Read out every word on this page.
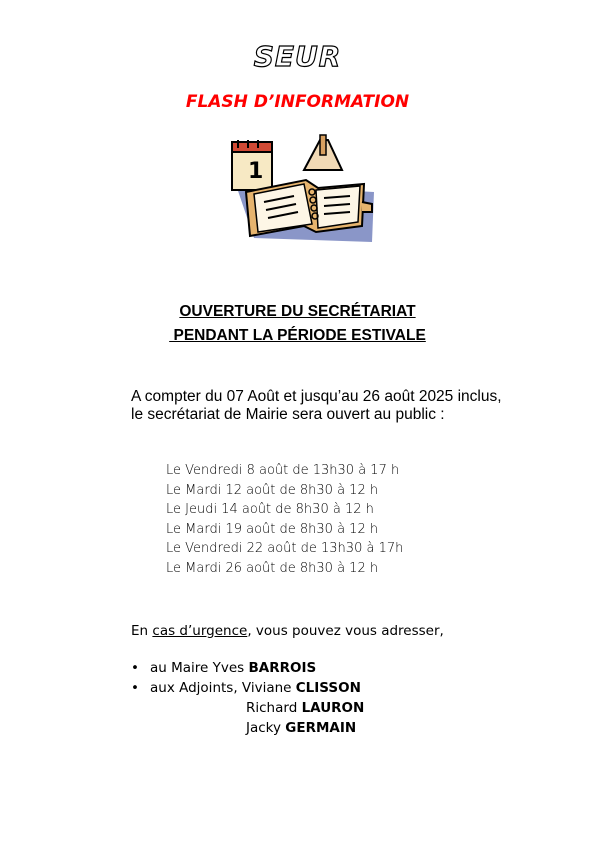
SEUR
FLASH D’INFORMATION
1
OUVERTURE DU SECRÉTARIAT
PENDANT LA PÉRIODE ESTIVALE
A compter du 07 Août et jusqu’au 26 août 2025 inclus, le secrétariat de Mairie sera ouvert au public :
Le Vendredi 8 août de 13h30 à 17 h
Le Mardi 12 août de 8h30 à 12 h
Le Jeudi 14 août de 8h30 à 12 h
Le Mardi 19 août de 8h30 à 12 h
Le Vendredi 22 août de 13h30 à 17h
Le Mardi 26 août de 8h30 à 12 h
En cas d’urgence, vous pouvez vous adresser,
• au Maire Yves BARROIS
• aux Adjoints, Viviane CLISSON
Richard LAURON
Jacky GERMAIN
